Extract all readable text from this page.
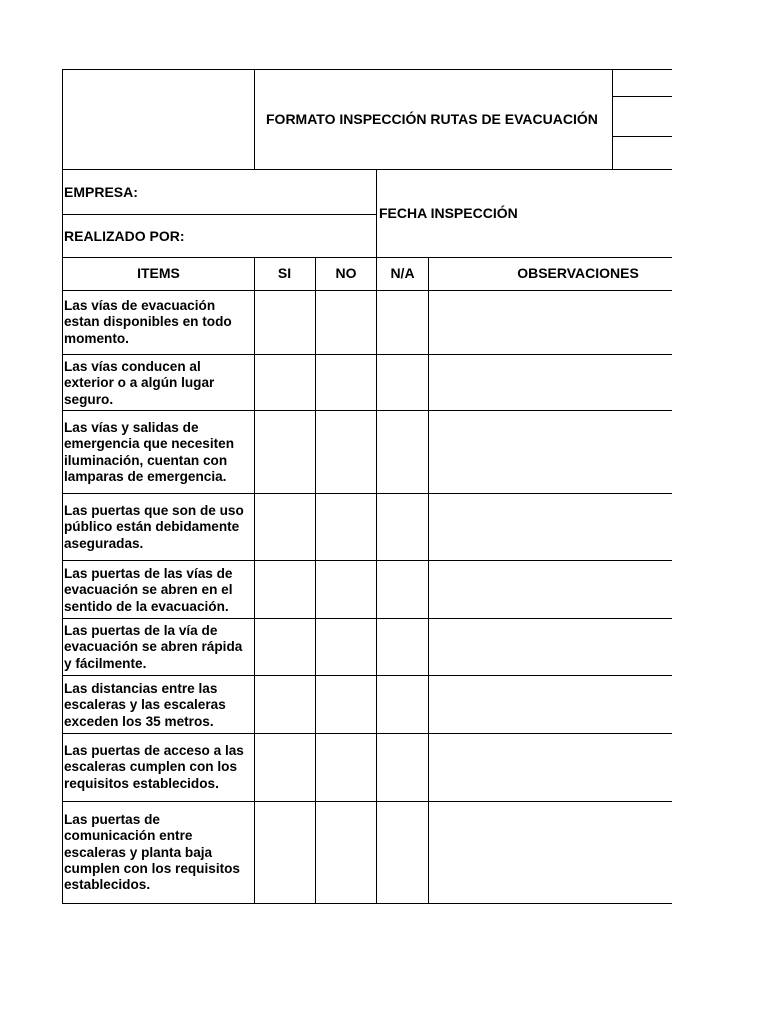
FORMATO INSPECCIÓN RUTAS DE EVACUACIÓN
EMPRESA:
REALIZADO POR:
FECHA INSPECCIÓN
ITEMS	SI	NO	N/A	OBSERVACIONES
Las vías de evacuación
estan disponibles en todo
momento.
Las vías conducen al
exterior o a algún lugar
seguro.
Las vías y salidas de
emergencia que necesiten
iluminación, cuentan con
lamparas de emergencia.
Las puertas que son de uso
público están debidamente
aseguradas.
Las puertas de las vías de
evacuación se abren en el
sentido de la evacuación.
Las puertas de la vía de
evacuación se abren rápida
y fácilmente.
Las distancias entre las
escaleras y las escaleras
exceden los 35 metros.
Las puertas de acceso a las
escaleras cumplen con los
requisitos establecidos.
Las puertas de
comunicación entre
escaleras y planta baja
cumplen con los requisitos
establecidos.
